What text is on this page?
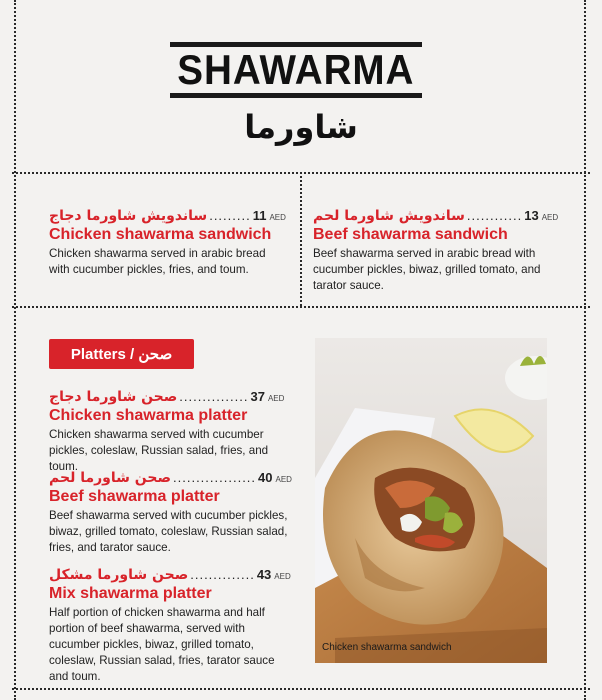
SHAWARMA
شاورما
ساندويش شاورما دجاج ......... 11 AED
Chicken shawarma sandwich
Chicken shawarma served in arabic bread with cucumber pickles, fries, and toum.
ساندويش شاورما لحم ............ 13 AED
Beef shawarma sandwich
Beef shawarma served in arabic bread with cucumber pickles, biwaz, grilled tomato, and tarator sauce.
Platters / صحن
صحن شاورما دجاج ............... 37 AED
Chicken shawarma platter
Chicken shawarma served with cucumber pickles, coleslaw, Russian salad, fries, and toum.
صحن شاورما لحم .................. 40 AED
Beef shawarma platter
Beef shawarma served with cucumber pickles, biwaz, grilled tomato, coleslaw, Russian salad, fries, and tarator sauce.
صحن شاورما مشكل .............. 43 AED
Mix shawarma platter
Half portion of chicken shawarma and half portion of beef shawarma, served with cucumber pickles, biwaz, grilled tomato, coleslaw, Russian salad, fries, tarator sauce and toum.
Chicken shawarma sandwich
